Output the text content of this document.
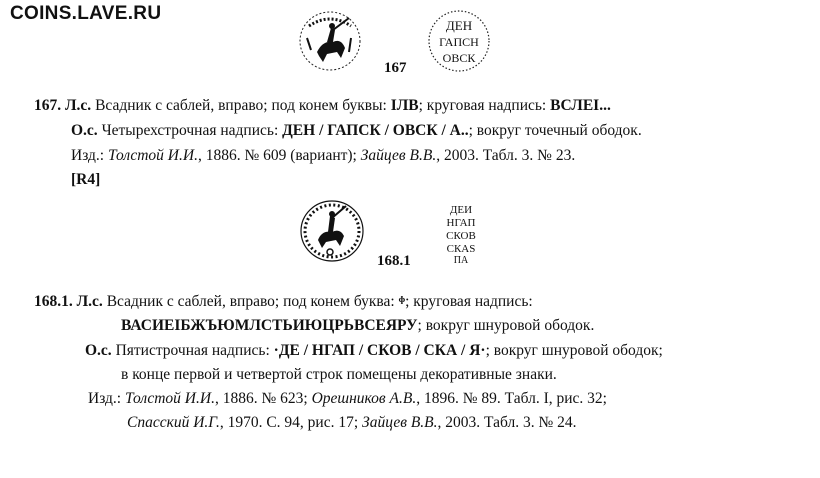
COINS.LAVE.RU
ДЕН
ГАПСН
ОВСК
167
167. Л.с. Всадник с саблей, вправо; под конем буквы: IЛВ; круговая надпись: ВСЛЕI...
О.с. Четырехстрочная надпись: ДЕН / ГАПСК / ОВСК / А..; вокруг точечный ободок.
Изд.: Толстой И.И., 1886. № 609 (вариант); Зайцев В.В., 2003. Табл. 3. № 23.
[R4]
ДЕИ
НГАП
СКОВ
СКАS
ПА
168.1
168.1. Л.с. Всадник с саблей, вправо; под конем буква: ᶲ; круговая надпись:
ВАСИЕIБЖЪЮМЛСТЬИЮЦРЬВСЕЯРУ; вокруг шнуровой ободок.
О.с. Пятистрочная надпись: ·ДЕ / НГАП / СКОВ / СКА / Я·; вокруг шнуровой ободок;
в конце первой и четвертой строк помещены декоративные знаки.
Изд.: Толстой И.И., 1886. № 623; Орешников А.В., 1896. № 89. Табл. I, рис. 32;
Спасский И.Г., 1970. С. 94, рис. 17; Зайцев В.В., 2003. Табл. 3. № 24.
